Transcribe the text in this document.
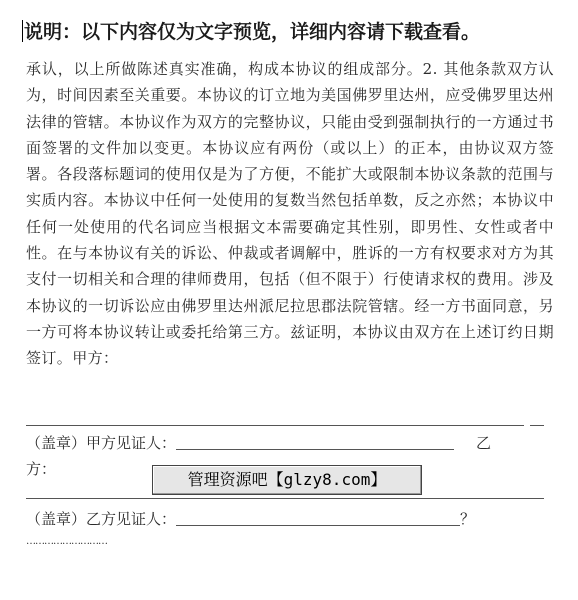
说明：以下内容仅为文字预览，详细内容请下载查看。
承认，以上所做陈述真实准确，构成本协议的组成部分。2. 其他条款双方认为，时间因素至关重要。本协议的订立地为美国佛罗里达州，应受佛罗里达州法律的管辖。本协议作为双方的完整协议，只能由受到强制执行的一方通过书面签署的文件加以变更。本协议应有两份（或以上）的正本，由协议双方签署。各段落标题词的使用仅是为了方便，不能扩大或限制本协议条款的范围与实质内容。本协议中任何一处使用的复数当然包括单数，反之亦然；本协议中任何一处使用的代名词应当根据文本需要确定其性别，即男性、女性或者中性。在与本协议有关的诉讼、仲裁或者调解中，胜诉的一方有权要求对方为其支付一切相关和合理的律师费用，包括（但不限于）行使请求权的费用。涉及本协议的一切诉讼应由佛罗里达州派尼拉思郡法院管辖。经一方书面同意，另一方可将本协议转让或委托给第三方。兹证明，本协议由双方在上述订约日期签订。甲方：
（盖章）甲方见证人：	乙
方：
管理资源吧【glzy8.com】
（盖章）乙方见证人：	？
………………………
